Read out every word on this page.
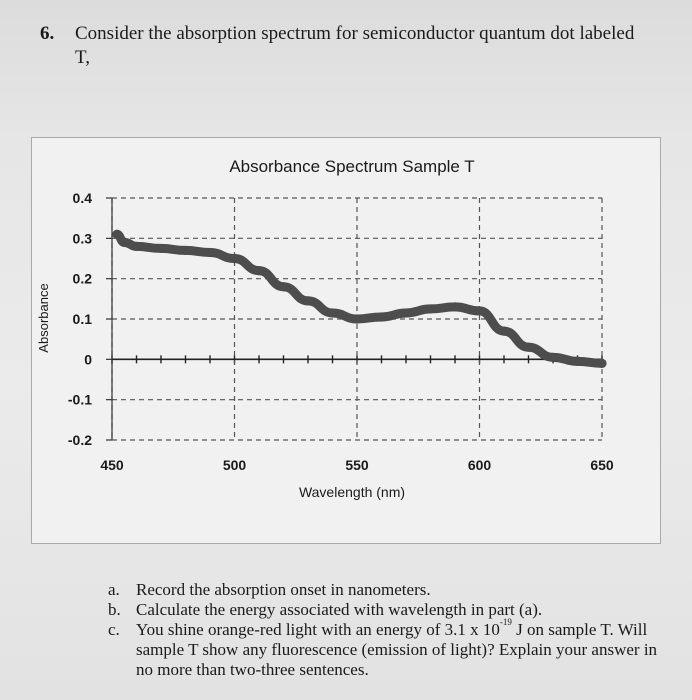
6. Consider the absorption spectrum for semiconductor quantum dot labeled
T,
Absorbance Spectrum Sample T
Wavelength (nm)
Absorbance
0.4
0.3
0.2
0.1
0
-0.1
-0.2
450	500	550	600	650

a. Record the absorption onset in nanometers.

b. Calculate the energy associated with wavelength in part (a).

c. You shine orange-red light with an energy of 3.1 x $10^{-19}$ J on sample T. Will sample T show any fluorescence (emission of light)? Explain your answer in no more than two-three sentences.
